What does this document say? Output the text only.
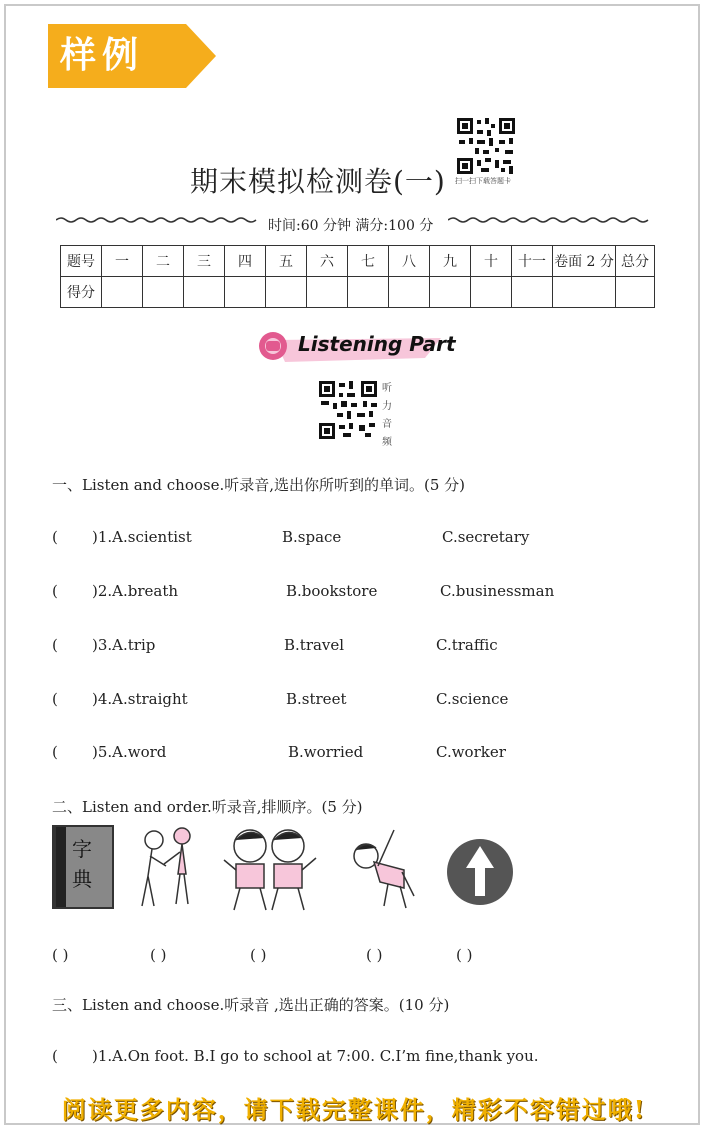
样例
扫一扫下载答题卡
期末模拟检测卷(一)
时间:60 分钟 满分:100 分
题号	一	二	三	四	五	六	七	八	九	十	十一	卷面 2 分	总分
得分													
Listening Part
听力音频
一、Listen and choose.听录音,选出你所听到的单词。(5 分)
( )1.A.scientist	B.space	C.secretary
( )2.A.breath	B.bookstore	C.businessman
( )3.A.trip	B.travel	C.traffic
( )4.A.straight	B.street	C.science
( )5.A.word	B.worried	C.worker
二、Listen and order.听录音,排顺序。(5 分)
字典
( )	( )	( )	( )	( )
三、Listen and choose.听录音 ,选出正确的答案。(10 分)
( )1.A.On foot. B.I go to school at 7:00. C.I’m fine,thank you.
阅读更多内容，请下载完整课件，精彩不容错过哦!
